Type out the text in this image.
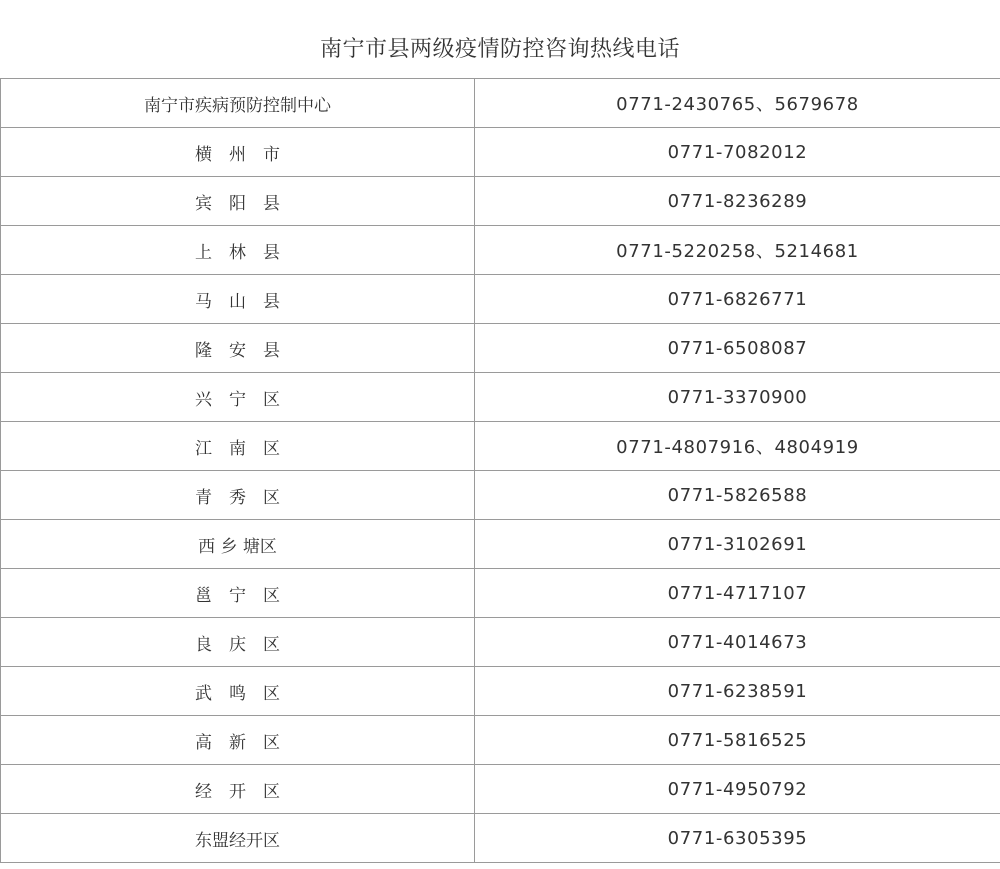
南宁市县两级疫情防控咨询热线电话
南宁市疾病预防控制中心	0771-2430765、5679678
横　州　市	0771-7082012
宾　阳　县	0771-8236289
上　林　县	0771-5220258、5214681
马　山　县	0771-6826771
隆　安　县	0771-6508087
兴　宁　区	0771-3370900
江　南　区	0771-4807916、4804919
青　秀　区	0771-5826588
西 乡 塘区	0771-3102691
邕　宁　区	0771-4717107
良　庆　区	0771-4014673
武　鸣　区	0771-6238591
高　新　区	0771-5816525
经　开　区	0771-4950792
东盟经开区	0771-6305395
